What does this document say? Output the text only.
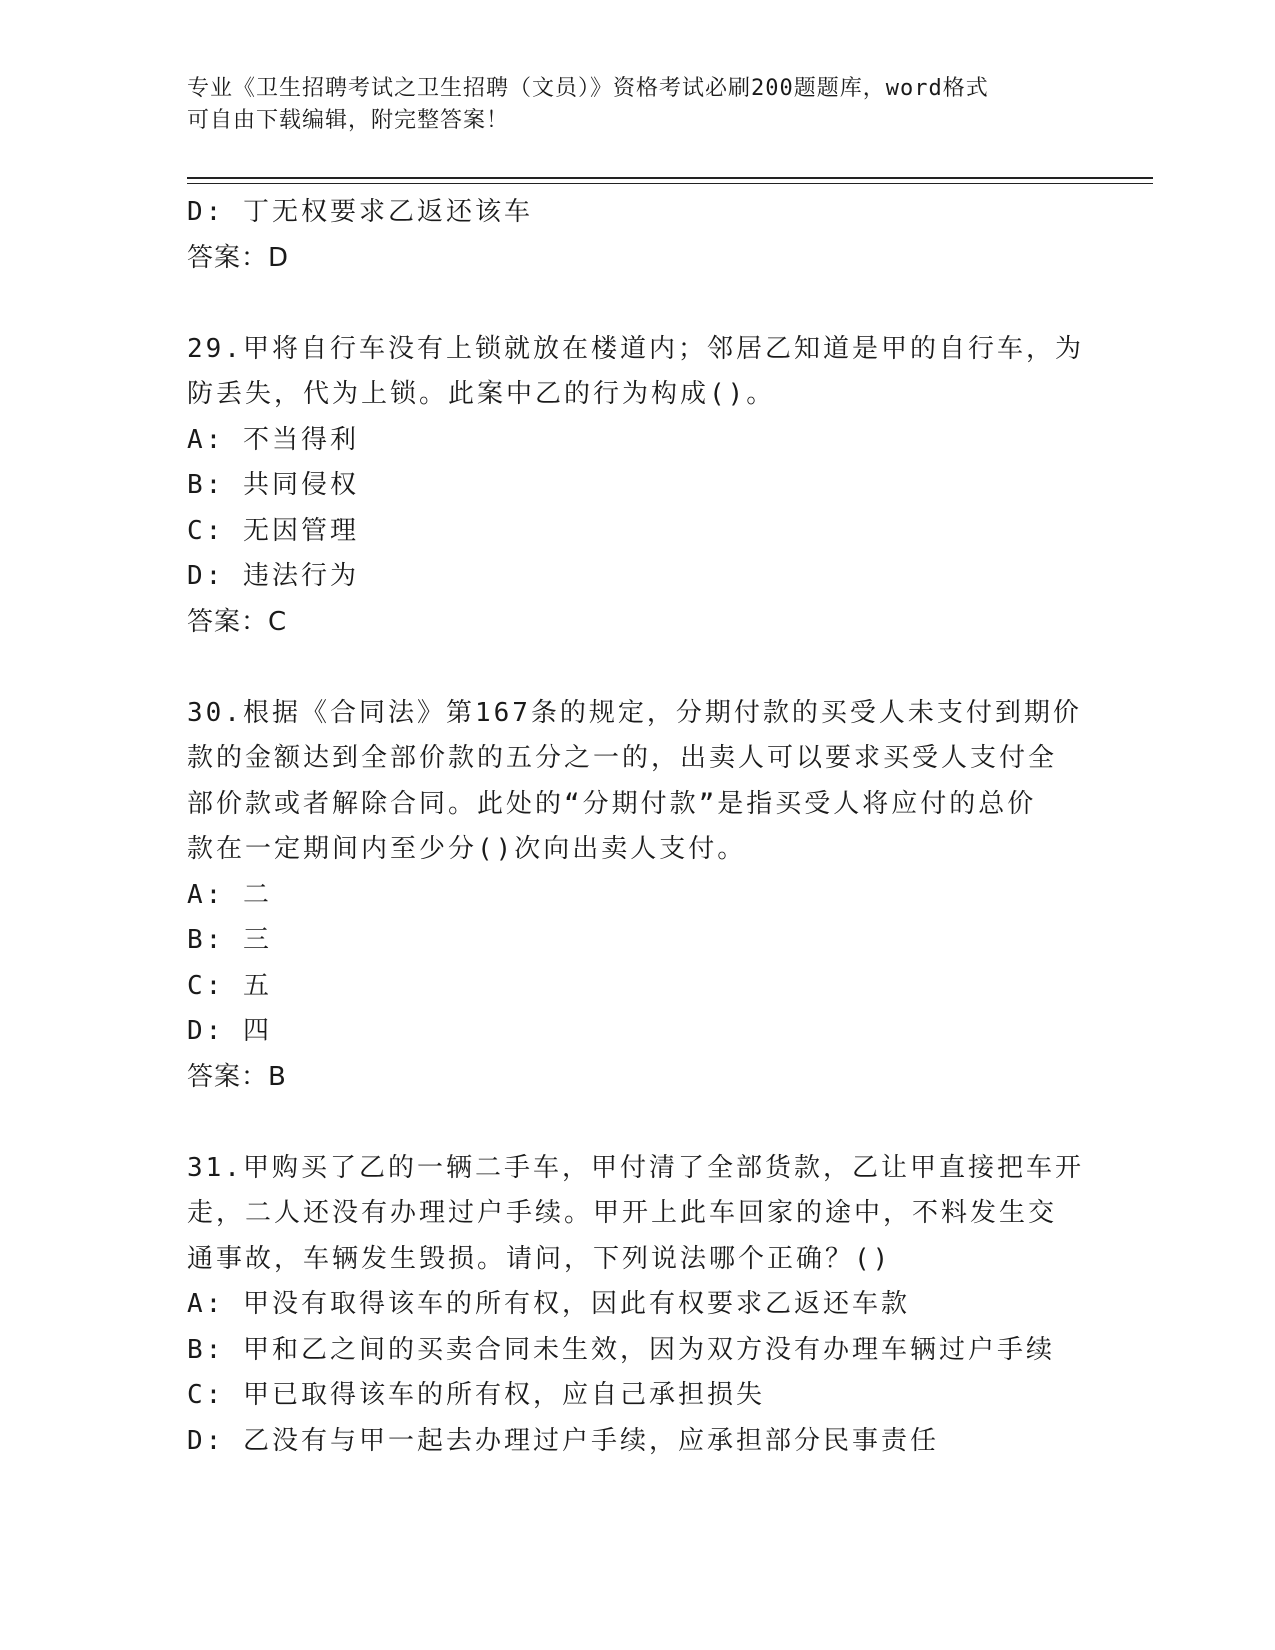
专业《卫生招聘考试之卫生招聘（文员）》资格考试必刷200题题库，word格式
可自由下载编辑，附完整答案！
D: 丁无权要求乙返还该车
答案：D
29.甲将自行车没有上锁就放在楼道内；邻居乙知道是甲的自行车，为
防丢失，代为上锁。此案中乙的行为构成()。
A: 不当得利
B: 共同侵权
C: 无因管理
D: 违法行为
答案：C
30.根据《合同法》第167条的规定，分期付款的买受人未支付到期价
款的金额达到全部价款的五分之一的，出卖人可以要求买受人支付全
部价款或者解除合同。此处的“分期付款”是指买受人将应付的总价
款在一定期间内至少分()次向出卖人支付。
A: 二
B: 三
C: 五
D: 四
答案：B
31.甲购买了乙的一辆二手车，甲付清了全部货款，乙让甲直接把车开
走，二人还没有办理过户手续。甲开上此车回家的途中，不料发生交
通事故，车辆发生毁损。请问，下列说法哪个正确？()
A: 甲没有取得该车的所有权，因此有权要求乙返还车款
B: 甲和乙之间的买卖合同未生效，因为双方没有办理车辆过户手续
C: 甲已取得该车的所有权，应自己承担损失
D: 乙没有与甲一起去办理过户手续，应承担部分民事责任
